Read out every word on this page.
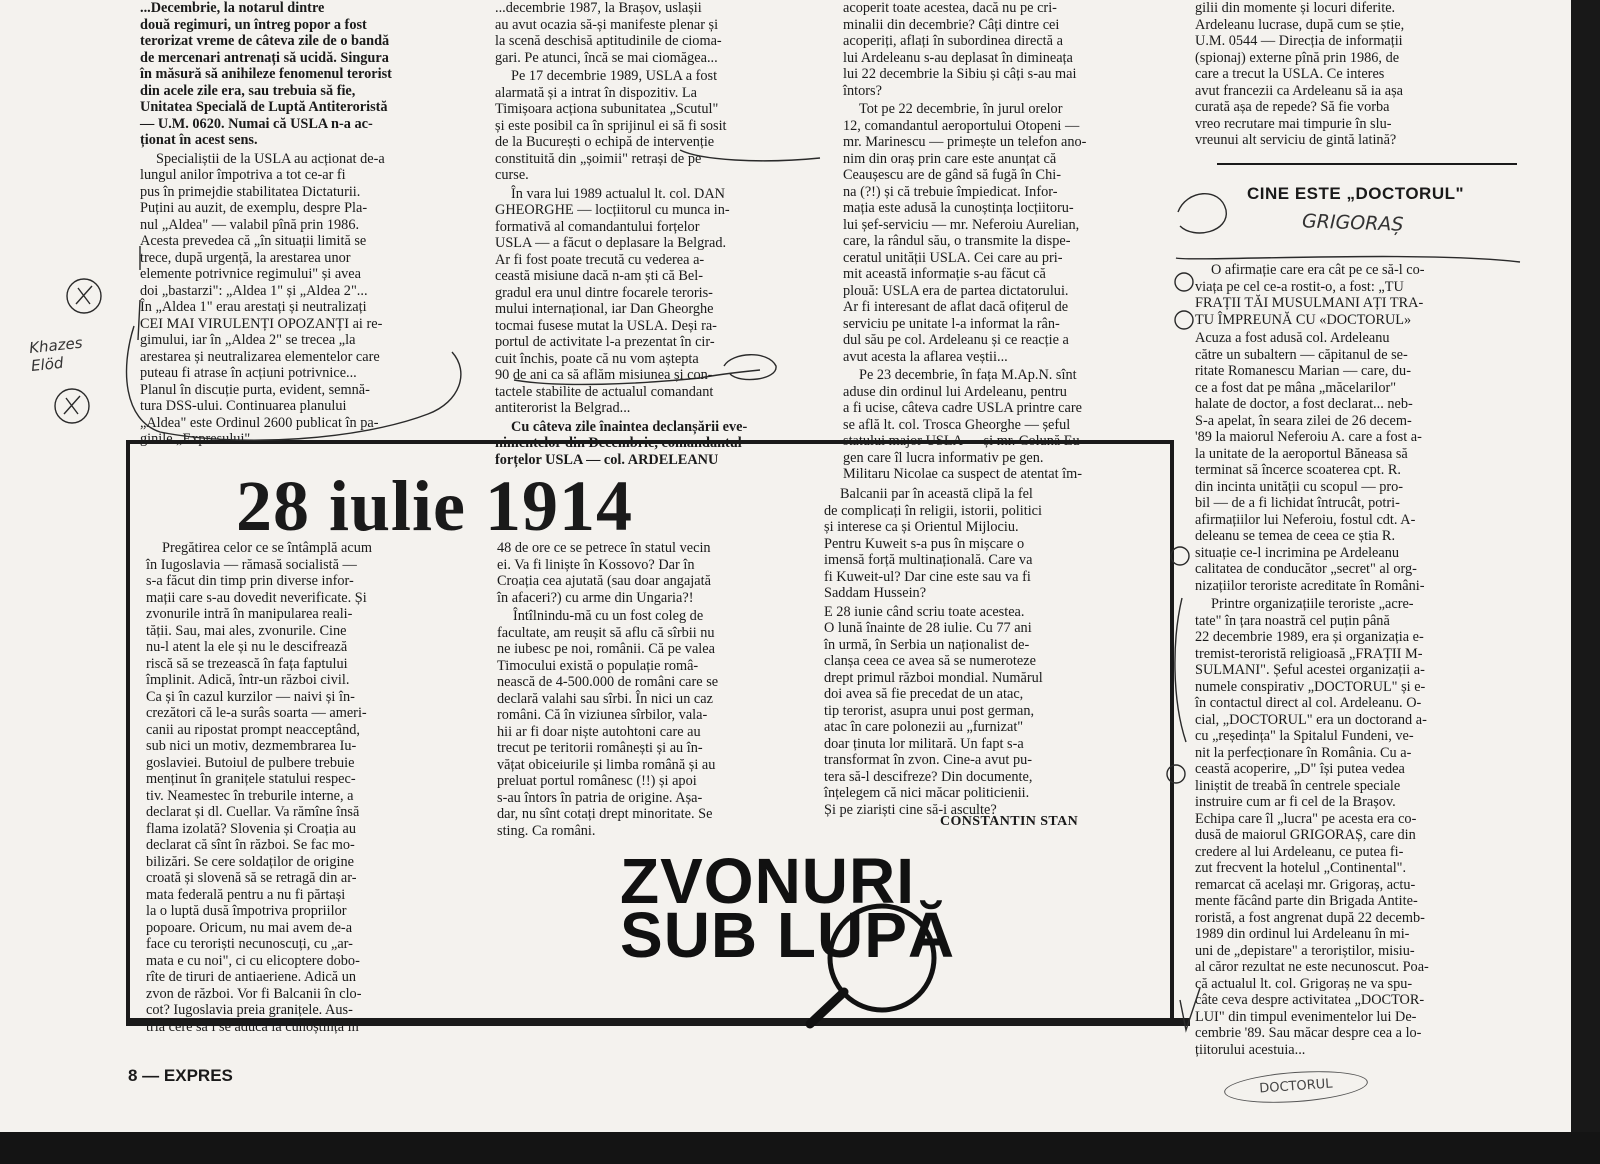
...Decembrie, la notarul dintre
două regimuri, un întreg popor a fost
terorizat vreme de câteva zile de o bandă
de mercenari antrenați să ucidă. Singura
în măsură să anihileze fenomenul terorist
din acele zile era, sau trebuia să fie,
Unitatea Specială de Luptă Antiteroristă
— U.M. 0620. Numai că USLA n-a ac-
ționat în acest sens.

Specialiștii de la USLA au acționat de-a
lungul anilor împotriva a tot ce-ar fi
pus în primejdie stabilitatea Dictaturii.
Puțini au auzit, de exemplu, despre Pla-
nul „Aldea" — valabil pînă prin 1986.
Acesta prevedea că „în situații limită se
trece, după urgență, la arestarea unor
elemente potrivnice regimului" și avea
doi „bastarzi": „Aldea 1" și „Aldea 2"...
În „Aldea 1" erau arestați și neutralizați
CEI MAI VIRULENȚI OPOZANȚI ai re-
gimului, iar în „Aldea 2" se trecea „la
arestarea și neutralizarea elementelor care
puteau fi atrase în acțiuni potrivnice...
Planul în discuție purta, evident, semnă-
tura DSS-ului. Continuarea planului
„Aldea" este Ordinul 2600 publicat în pa-
ginile „Expresului".

...decembrie 1987, la Brașov, uslașii
au avut ocazia să-și manifeste plenar și
la scenă deschisă aptitudinile de cioma-
gari. Pe atunci, încă se mai ciomăgea...

Pe 17 decembrie 1989, USLA a fost
alarmată și a intrat în dispozitiv. La
Timișoara acționa subunitatea „Scutul"
și este posibil ca în sprijinul ei să fi sosit
de la București o echipă de intervenție
constituită din „șoimii" retrași de pe
curse.

În vara lui 1989 actualul lt. col. DAN
GHEORGHE — locțiitorul cu munca in-
formativă al comandantului forțelor
USLA — a făcut o deplasare la Belgrad.
Ar fi fost poate trecută cu vederea a-
ceastă misiune dacă n-am ști că Bel-
gradul era unul dintre focarele teroris-
mului internațional, iar Dan Gheorghe
tocmai fusese mutat la USLA. Deși ra-
portul de activitate l-a prezentat în cir-
cuit închis, poate că nu vom aștepta
90 de ani ca să aflăm misiunea și con-
tactele stabilite de actualul comandant
antiterorist la Belgrad...

Cu câteva zile înaintea declanșării eve-
nimentelor din Decembrie, comandantul
forțelor USLA — col. ARDELEANU

acoperit toate acestea, dacă nu pe cri-
minalii din decembrie? Câți dintre cei
acoperiți, aflați în subordinea directă a
lui Ardeleanu s-au deplasat în dimineața
lui 22 decembrie la Sibiu și câți s-au mai
întors?

Tot pe 22 decembrie, în jurul orelor
12, comandantul aeroportului Otopeni —
mr. Marinescu — primește un telefon ano-
nim din oraș prin care este anunțat că
Ceaușescu are de gând să fugă în Chi-
na (?!) și că trebuie împiedicat. Infor-
mația este adusă la cunoștința locțiitoru-
lui șef-serviciu — mr. Neferoiu Aurelian,
care, la rândul său, o transmite la dispe-
ceratul unității USLA. Cei care au pri-
mit această informație s-au făcut că
plouă: USLA era de partea dictatorului.
Ar fi interesant de aflat dacă ofițerul de
serviciu pe unitate l-a informat la rân-
dul său pe col. Ardeleanu și ce reacție a
avut acesta la aflarea veștii...

Pe 23 decembrie, în fața M.Ap.N. sînt
aduse din ordinul lui Ardeleanu, pentru
a fi ucise, câteva cadre USLA printre care
se află lt. col. Trosca Gheorghe — șeful
statului major USLA — și mr. Colună Eu-
gen care îl lucra informativ pe gen.
Militaru Nicolae ca suspect de atentat îm-

gilii din momente și locuri diferite.
Ardeleanu lucrase, după cum se știe,
U.M. 0544 — Direcția de informații
(spionaj) externe pînă prin 1986, de
care a trecut la USLA. Ce interes
avut francezii ca Ardeleanu să ia așa
curată așa de repede? Să fie vorba
vreo recrutare mai timpurie în slu-
vreunui alt serviciu de gintă latină?

CINE ESTE „DOCTORUL"

O afirmație care era cât pe ce să-l co-
viața pe cel ce-a rostit-o, a fost: „TU
FRAȚII TĂI MUSULMANI AȚI TRA-
TU ÎMPREUNĂ CU «DOCTORUL»

Acuza a fost adusă col. Ardeleanu
către un subaltern — căpitanul de se-
ritate Romanescu Marian — care, du-
ce a fost dat pe mâna „măcelarilor"
halate de doctor, a fost declarat... neb-
S-a apelat, în seara zilei de 26 decem-
'89 la maiorul Neferoiu A. care a fost a-
la unitate de la aeroportul Băneasa să
terminat să încerce scoaterea cpt. R.
din incinta unității cu scopul — pro-
bil — de a fi lichidat întrucât, potri-
afirmațiilor lui Neferoiu, fostul cdt. A-
deleanu se temea de ceea ce știa R.
situație ce-l incrimina pe Ardeleanu
calitatea de conducător „secret" al org-
nizațiilor teroriste acreditate în Români-

Printre organizațiile teroriste „acre-
tate" în țara noastră cel puțin până
22 decembrie 1989, era și organizația e-
tremist-teroristă religioasă „FRAȚII M-
SULMANI". Șeful acestei organizații a-
numele conspirativ „DOCTORUL" și e-
în contactul direct al col. Ardeleanu. O-
cial, „DOCTORUL" era un doctorand a-
cu „reședința" la Spitalul Fundeni, ve-
nit la perfecționare în România. Cu a-
ceastă acoperire, „D" își putea vedea
liniștit de treabă în centrele speciale
instruire cum ar fi cel de la Brașov.
Echipa care îl „lucra" pe acesta era co-
dusă de maiorul GRIGORAȘ, care din
credere al lui Ardeleanu, ce putea fi-
zut frecvent la hotelul „Continental".
remarcat că același mr. Grigoraș, actu-
mente făcând parte din Brigada Antite-
roristă, a fost angrenat după 22 decemb-
1989 din ordinul lui Ardeleanu în mi-
uni de „depistare" a teroriștilor, misiu-
al căror rezultat ne este necunoscut. Poa-
că actualul lt. col. Grigoraș ne va spu-
câte ceva despre activitatea „DOCTOR-
LUI" din timpul evenimentelor lui De-
cembrie '89. Sau măcar despre cea a lo-
țiitorului acestuia...

28 iulie 1914

Pregătirea celor ce se întâmplă acum
în Iugoslavia — rămasă socialistă —
s-a făcut din timp prin diverse infor-
mații care s-au dovedit neverificate. Și
zvonurile intră în manipularea reali-
tății. Sau, mai ales, zvonurile. Cine
nu-l atent la ele și nu le descifrează
riscă să se trezească în fața faptului
împlinit. Adică, într-un război civil.
Ca și în cazul kurzilor — naivi și în-
crezători că le-a surâs soarta — ameri-
canii au ripostat prompt neacceptând,
sub nici un motiv, dezmembrarea Iu-
goslaviei. Butoiul de pulbere trebuie
menținut în granițele statului respec-
tiv. Neamestec în treburile interne, a
declarat și dl. Cuellar. Va rămîne însă
flama izolată? Slovenia și Croația au
declarat că sînt în război. Se fac mo-
bilizări. Se cere soldaților de origine
croată și slovenă să se retragă din ar-
mata federală pentru a nu fi părtași
la o luptă dusă împotriva propriilor
popoare. Oricum, nu mai avem de-a
face cu teroriști necunoscuți, cu „ar-
mata e cu noi", ci cu elicoptere dobo-
rîte de tiruri de antiaeriene. Adică un
zvon de război. Vor fi Balcanii în clo-
cot? Iugoslavia preia granițele. Aus-
tria cere să i se aducă la cunoștință în

48 de ore ce se petrece în statul vecin
ei. Va fi liniște în Kossovo? Dar în
Croația cea ajutată (sau doar angajată
în afaceri?) cu arme din Ungaria?!

Întîlnindu-mă cu un fost coleg de
facultate, am reușit să aflu că sîrbii nu
ne iubesc pe noi, românii. Că pe valea
Timocului există o populație româ-
nească de 4-500.000 de români care se
declară valahi sau sîrbi. În nici un caz
români. Că în viziunea sîrbilor, vala-
hii ar fi doar niște autohtoni care au
trecut pe teritorii românești și au în-
vățat obiceiurile și limba română și au
preluat portul românesc (!!) și apoi
s-au întors în patria de origine. Așa-
dar, nu sînt cotați drept minoritate. Se
sting. Ca români.

Balcanii par în această clipă la fel
de complicați în religii, istorii, politici
și interese ca și Orientul Mijlociu.
Pentru Kuweit s-a pus în mișcare o
imensă forță multinațională. Care va
fi Kuweit-ul? Dar cine este sau va fi
Saddam Hussein?

E 28 iunie când scriu toate acestea.
O lună înainte de 28 iulie. Cu 77 ani
în urmă, în Serbia un naționalist de-
clanșa ceea ce avea să se numeroteze
drept primul război mondial. Numărul
doi avea să fie precedat de un atac,
tip terorist, asupra unui post german,
atac în care polonezii au „furnizat"
doar ținuta lor militară. Un fapt s-a
transformat în zvon. Cine-a avut pu-
tera să-l descifreze? Din documente,
înțelegem că nici măcar politicienii.
Și pe ziariști cine să-i asculte?

CONSTANTIN STAN
ZVONURI
SUB LUPĂ
8 — EXPRES
DOCTORUL
GRIGORAȘ
Khazes Elöd
